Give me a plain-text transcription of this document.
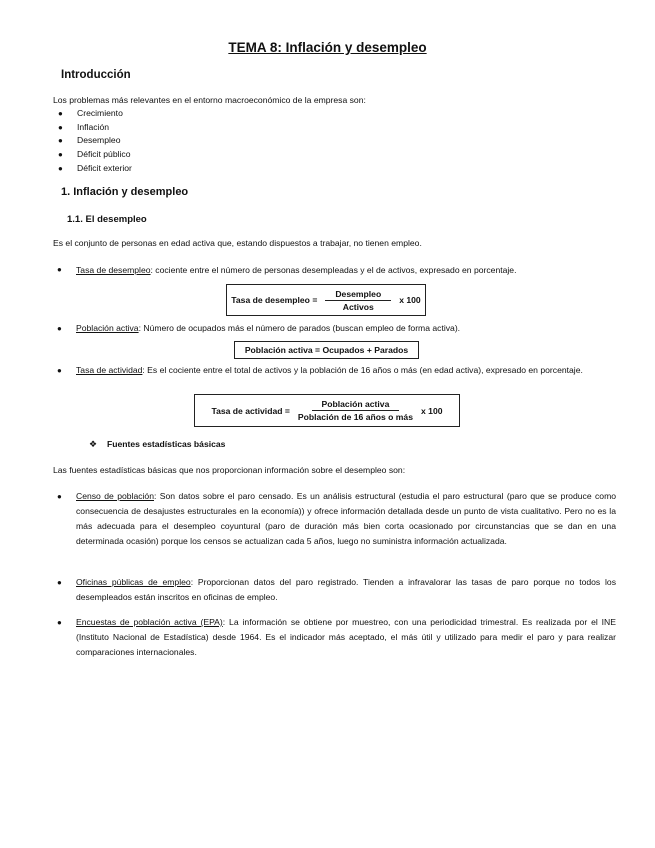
TEMA 8: Inflación y desempleo
Introducción
Los problemas más relevantes en el entorno macroeconómico de la empresa son:
● Crecimiento
● Inflación
● Desempleo
● Déficit público
● Déficit exterior
1. Inflación y desempleo
1.1. El desempleo
Es el conjunto de personas en edad activa que, estando dispuestos a trabajar, no tienen empleo.
● Tasa de desempleo: cociente entre el número de personas desempleadas y el de activos, expresado en porcentaje.
Tasa de desempleo = $\frac{\text{Desempleo}}{\text{Activos}}$ x 100
● Población activa: Número de ocupados más el número de parados (buscan empleo de forma activa).
Población activa = Ocupados + Parados
● Tasa de actividad: Es el cociente entre el total de activos y la población de 16 años o más (en edad activa), expresado en porcentaje.
Tasa de actividad = $\frac{\text{Población activa}}{\text{Población de 16 años o más}}$ x 100
❖ Fuentes estadísticas básicas
Las fuentes estadísticas básicas que nos proporcionan información sobre el desempleo son:
● Censo de población: Son datos sobre el paro censado. Es un análisis estructural (estudia el paro estructural (paro que se produce como consecuencia de desajustes estructurales en la economía)) y ofrece información detallada desde un punto de vista cualitativo. Pero no es la más adecuada para el desempleo coyuntural (paro de duración más bien corta ocasionado por circunstancias que se dan en una determinada ocasión) porque los censos se actualizan cada 5 años, luego no suministra información actualizada.
● Oficinas públicas de empleo: Proporcionan datos del paro registrado. Tienden a infravalorar las tasas de paro porque no todos los desempleados están inscritos en oficinas de empleo.
● Encuestas de población activa (EPA): La información se obtiene por muestreo, con una periodicidad trimestral. Es realizada por el INE (Instituto Nacional de Estadística) desde 1964. Es el indicador más aceptado, el más útil y utilizado para medir el paro y para realizar comparaciones internacionales.
